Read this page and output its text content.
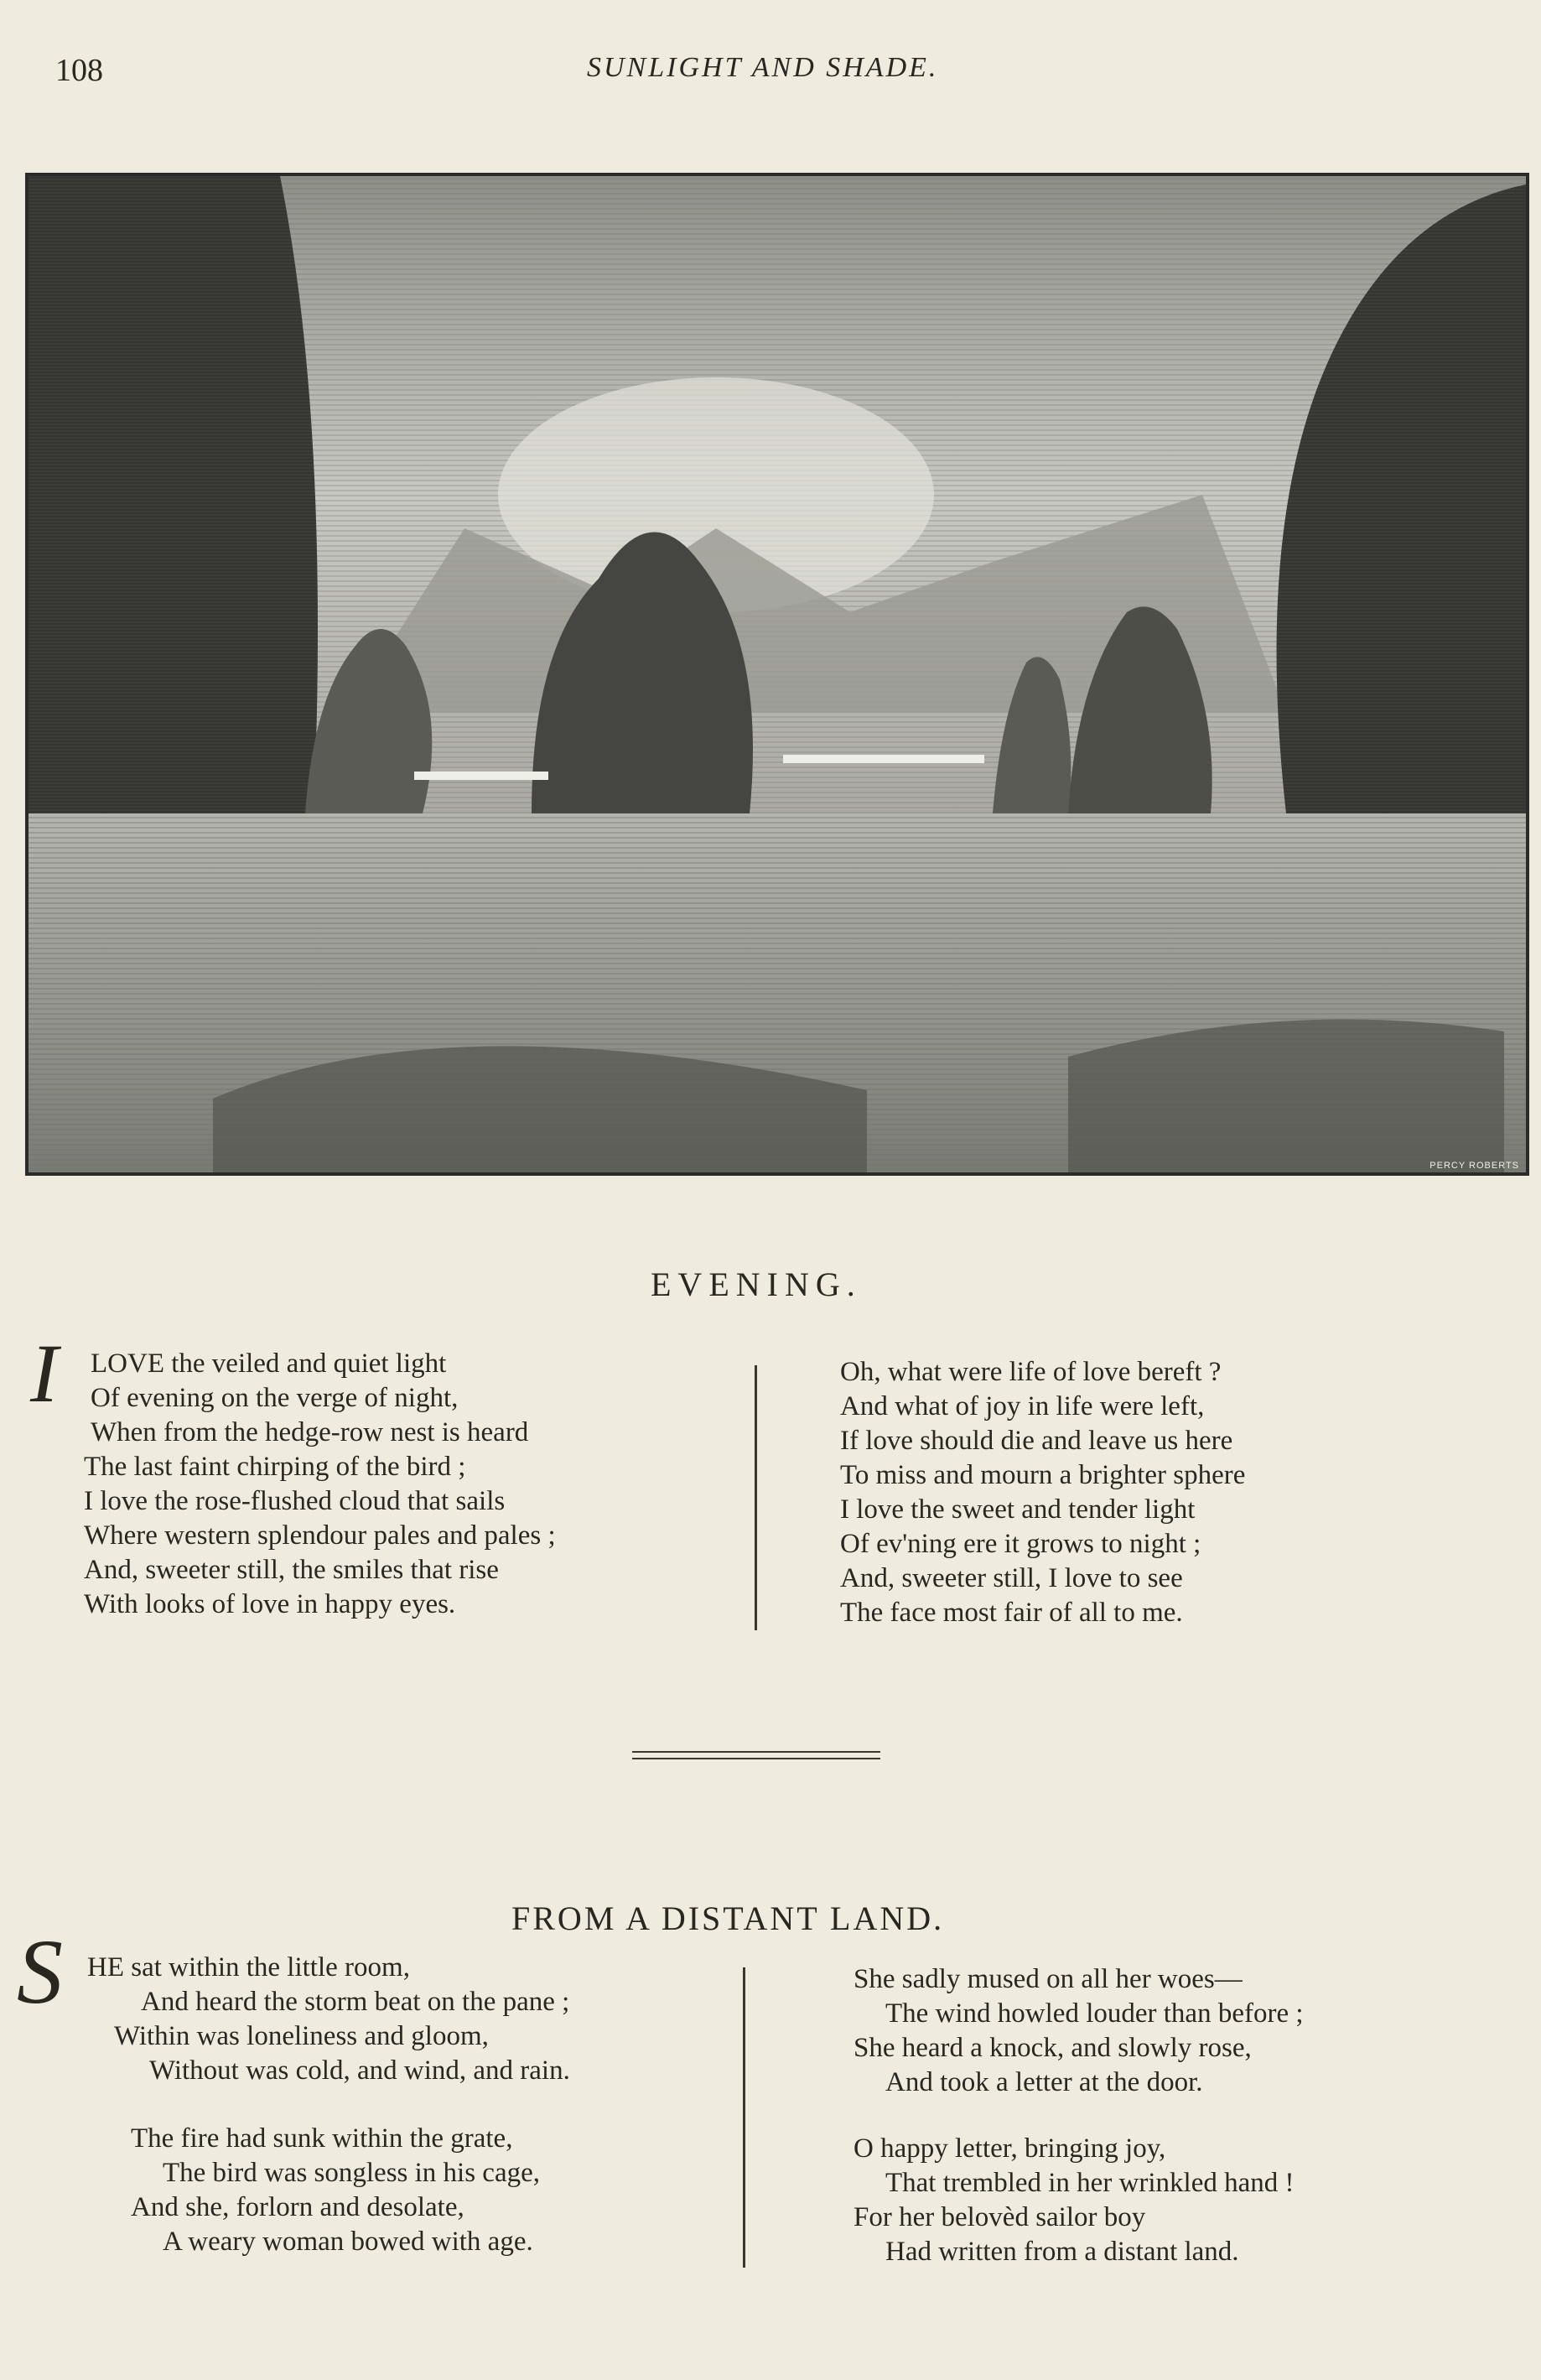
108	SUNLIGHT AND SHADE.
PERCY ROBERTS
EVENING.
I LOVE the veiled and quiet light
Of evening on the verge of night,
When from the hedge-row nest is heard
The last faint chirping of the bird ;
I love the rose-flushed cloud that sails
Where western splendour pales and pales ;
And, sweeter still, the smiles that rise
With looks of love in happy eyes.
Oh, what were life of love bereft ?
And what of joy in life were left,
If love should die and leave us here
To miss and mourn a brighter sphere
I love the sweet and tender light
Of ev'ning ere it grows to night ;
And, sweeter still, I love to see
The face most fair of all to me.
FROM A DISTANT LAND.
S HE sat within the little room,
And heard the storm beat on the pane ;
Within was loneliness and gloom,
Without was cold, and wind, and rain.
The fire had sunk within the grate,
The bird was songless in his cage,
And she, forlorn and desolate,
A weary woman bowed with age.
She sadly mused on all her woes—
The wind howled louder than before ;
She heard a knock, and slowly rose,
And took a letter at the door.
O happy letter, bringing joy,
That trembled in her wrinkled hand !
For her belovèd sailor boy
Had written from a distant land.
